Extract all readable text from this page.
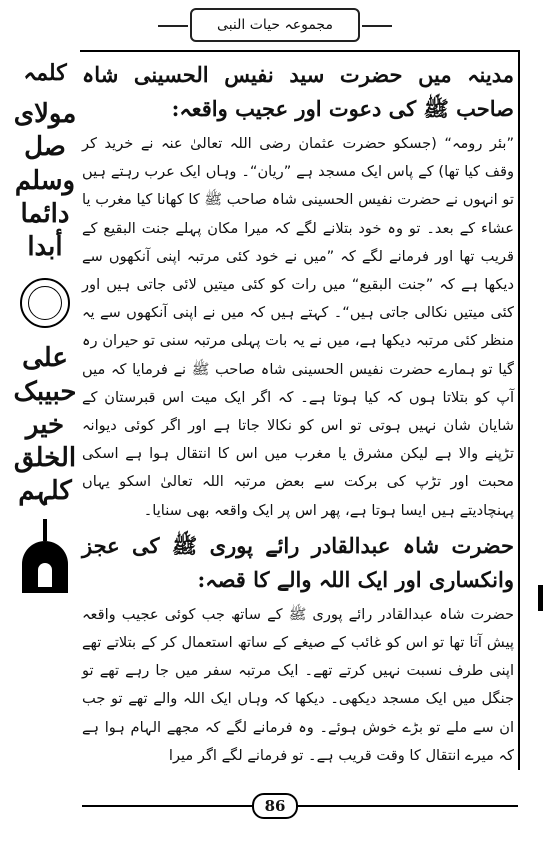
مجموعہ حیات النبی
کلمہ
مولای
صل
وسلم
دائما
أبدا
علی
حبیبک
خیر
الخلق
کلہم
مدینہ میں حضرت سید نفیس الحسینی شاہ صاحب ﷺ کی دعوت اور عجیب واقعہ:

”بئر رومہ“ (جسکو حضرت عثمان رضی اللہ تعالیٰ عنہ نے خرید کر وقف کیا تھا) کے پاس ایک مسجد ہے ”ریان“۔ وہاں ایک عرب رہتے ہیں تو انہوں نے حضرت نفیس الحسینی شاہ صاحب ﷺ کا کھانا کیا مغرب یا عشاء کے بعد۔ تو وہ خود بتلانے لگے کہ میرا مکان پہلے جنت البقیع کے قریب تھا اور فرمانے لگے کہ ”میں نے خود کئی مرتبہ اپنی آنکھوں سے دیکھا ہے کہ ”جنت البقیع“ میں رات کو کئی میتیں لائی جاتی ہیں اور کئی میتیں نکالی جاتی ہیں“۔ کہتے ہیں کہ میں نے اپنی آنکھوں سے یہ منظر کئی مرتبہ دیکھا ہے، میں نے یہ بات پہلی مرتبہ سنی تو حیران رہ گیا تو ہمارے حضرت نفیس الحسینی شاہ صاحب ﷺ نے فرمایا کہ میں آپ کو بتلاتا ہوں کہ کیا ہوتا ہے۔ کہ اگر ایک میت اس قبرستان کے شایان شان نہیں ہوتی تو اس کو نکالا جاتا ہے اور اگر کوئی دیوانہ تڑپنے والا ہے لیکن مشرق یا مغرب میں اس کا انتقال ہوا ہے اسکی محبت اور تڑپ کی برکت سے بعض مرتبہ اللہ تعالیٰ اسکو یہاں پہنچادیتے ہیں ایسا ہوتا ہے، پھر اس پر ایک واقعہ بھی سنایا۔

حضرت شاہ عبدالقادر رائے پوری ﷺ کی عجز وانکساری اور ایک اللہ والے کا قصہ:

حضرت شاہ عبدالقادر رائے پوری ﷺ کے ساتھ جب کوئی عجیب واقعہ پیش آتا تھا تو اس کو غائب کے صیغے کے ساتھ استعمال کر کے بتلاتے تھے اپنی طرف نسبت نہیں کرتے تھے۔ ایک مرتبہ سفر میں جا رہے تھے تو جنگل میں ایک مسجد دیکھی۔ دیکھا کہ وہاں ایک اللہ والے تھے تو جب ان سے ملے تو بڑے خوش ہوئے۔ وہ فرمانے لگے کہ مجھے الہام ہوا ہے کہ میرے انتقال کا وقت قریب ہے۔ تو فرمانے لگے اگر میرا

86
